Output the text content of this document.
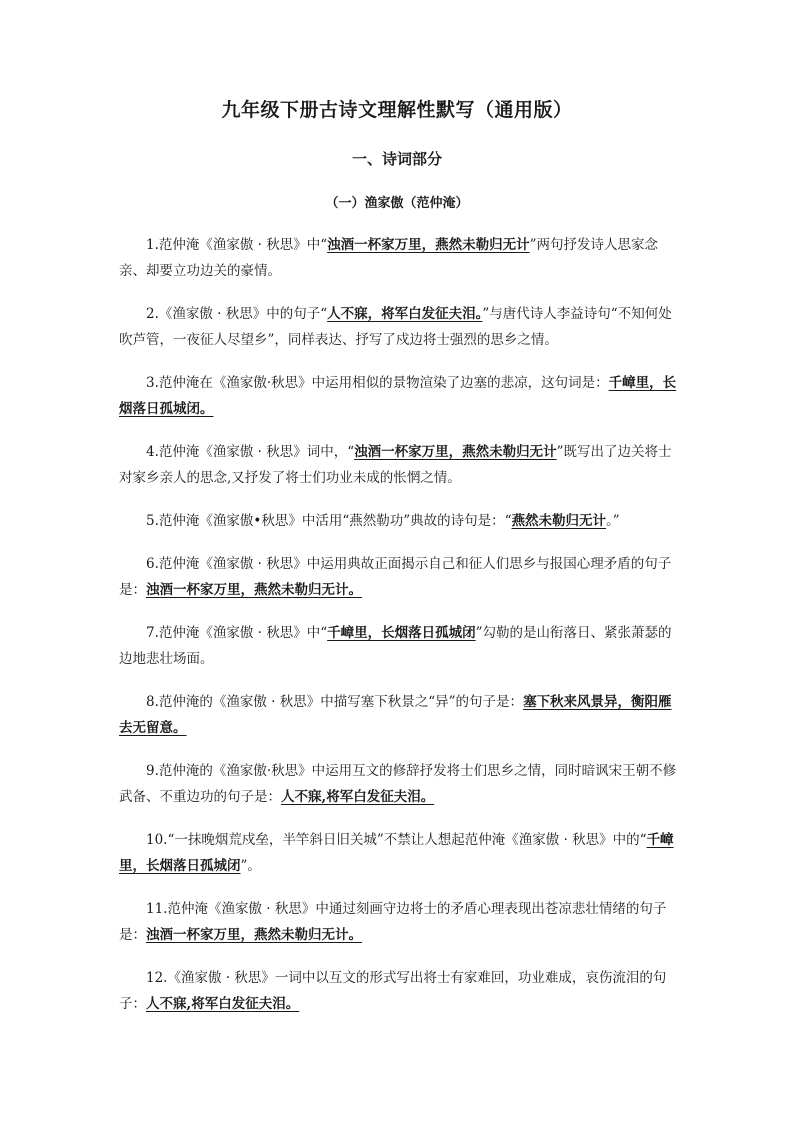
九年级下册古诗文理解性默写（通用版）
一、诗词部分
（一）渔家傲（范仲淹）

1.范仲淹《渔家傲 · 秋思》中“浊酒一杯家万里，燕然未勒归无计”两句抒发诗人思家念亲、却要立功边关的豪情。

2.《渔家傲 · 秋思》中的句子“人不寐，将军白发征夫泪。”与唐代诗人李益诗句“不知何处吹芦管，一夜征人尽望乡”，同样表达、抒写了戍边将士强烈的思乡之情。

3.范仲淹在《渔家傲·秋思》中运用相似的景物渲染了边塞的悲凉，这句词是：千嶂里，长烟落日孤城闭。

4.范仲淹《渔家傲 · 秋思》词中，“浊酒一杯家万里，燕然未勒归无计”既写出了边关将士对家乡亲人的思念,又抒发了将士们功业未成的怅惘之情。

5.范仲淹《渔家傲•秋思》中活用“燕然勒功”典故的诗句是：“燕然未勒归无计。”

6.范仲淹《渔家傲 · 秋思》中运用典故正面揭示自己和征人们思乡与报国心理矛盾的句子是：浊酒一杯家万里，燕然未勒归无计。

7.范仲淹《渔家傲 · 秋思》中“千嶂里，长烟落日孤城闭”勾勒的是山衔落日、紧张萧瑟的边地悲壮场面。

8.范仲淹的《渔家傲 · 秋思》中描写塞下秋景之“异”的句子是：塞下秋来风景异，衡阳雁去无留意。

9.范仲淹的《渔家傲·秋思》中运用互文的修辞抒发将士们思乡之情，同时暗讽宋王朝不修武备、不重边功的句子是：人不寐,将军白发征夫泪。

10.“一抹晚烟荒戍垒，半竿斜日旧关城”不禁让人想起范仲淹《渔家傲 · 秋思》中的“千嶂里，长烟落日孤城闭”。

11.范仲淹《渔家傲 · 秋思》中通过刻画守边将士的矛盾心理表现出苍凉悲壮情绪的句子是：浊酒一杯家万里，燕然未勒归无计。

12.《渔家傲 · 秋思》一词中以互文的形式写出将士有家难回，功业难成，哀伤流泪的句子：人不寐,将军白发征夫泪。
